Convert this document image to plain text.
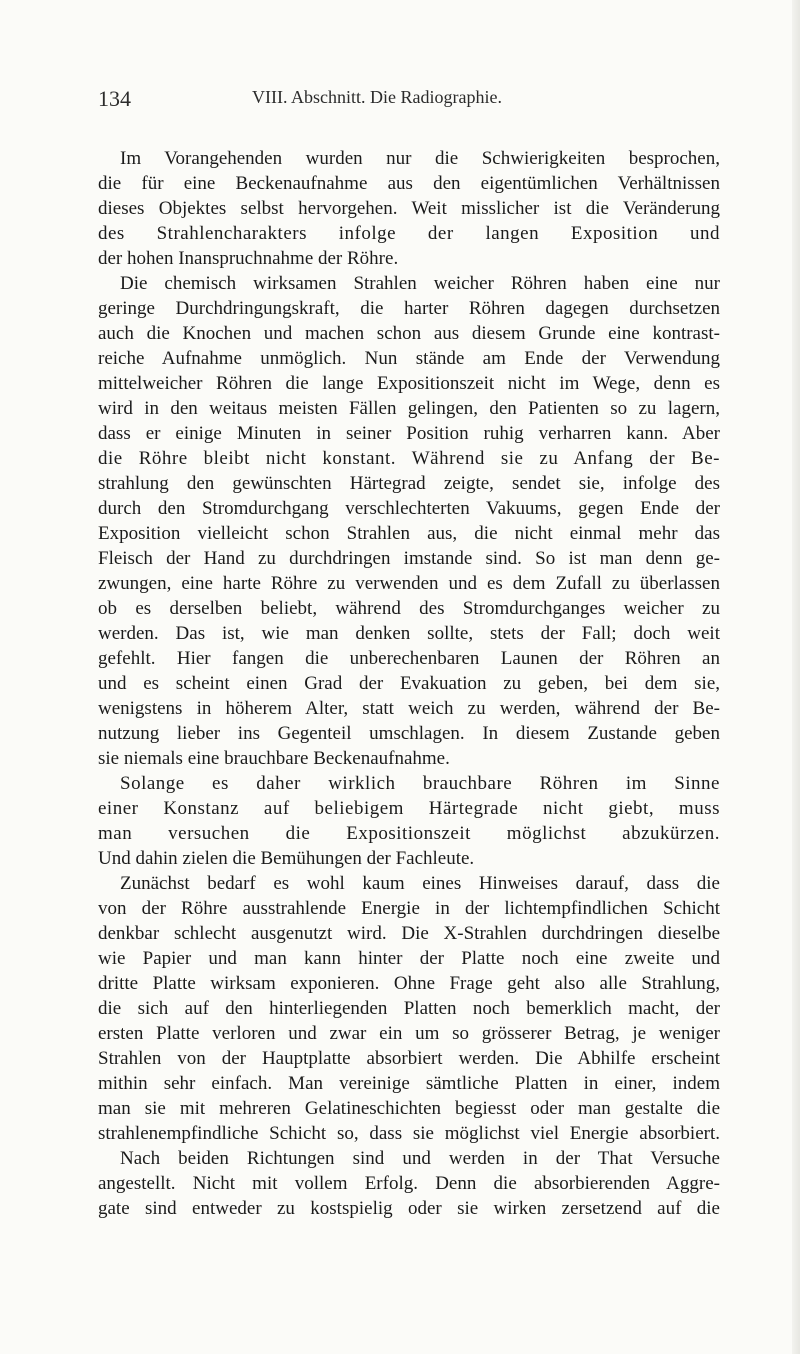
134	VIII. Abschnitt. Die Radiographie.
Im Vorangehenden wurden nur die Schwierigkeiten besprochen,
die für eine Beckenaufnahme aus den eigentümlichen Verhältnissen
dieses Objektes selbst hervorgehen. Weit misslicher ist die Veränderung
des Strahlencharakters infolge der langen Exposition und
der hohen Inanspruchnahme der Röhre.
Die chemisch wirksamen Strahlen weicher Röhren haben eine nur
geringe Durchdringungskraft, die harter Röhren dagegen durchsetzen
auch die Knochen und machen schon aus diesem Grunde eine kontrast-
reiche Aufnahme unmöglich. Nun stände am Ende der Verwendung
mittelweicher Röhren die lange Expositionszeit nicht im Wege, denn es
wird in den weitaus meisten Fällen gelingen, den Patienten so zu lagern,
dass er einige Minuten in seiner Position ruhig verharren kann. Aber
die Röhre bleibt nicht konstant. Während sie zu Anfang der Be-
strahlung den gewünschten Härtegrad zeigte, sendet sie, infolge des
durch den Stromdurchgang verschlechterten Vakuums, gegen Ende der
Exposition vielleicht schon Strahlen aus, die nicht einmal mehr das
Fleisch der Hand zu durchdringen imstande sind. So ist man denn ge-
zwungen, eine harte Röhre zu verwenden und es dem Zufall zu überlassen
ob es derselben beliebt, während des Stromdurchganges weicher zu
werden. Das ist, wie man denken sollte, stets der Fall; doch weit
gefehlt. Hier fangen die unberechenbaren Launen der Röhren an
und es scheint einen Grad der Evakuation zu geben, bei dem sie,
wenigstens in höherem Alter, statt weich zu werden, während der Be-
nutzung lieber ins Gegenteil umschlagen. In diesem Zustande geben
sie niemals eine brauchbare Beckenaufnahme.
Solange es daher wirklich brauchbare Röhren im Sinne
einer Konstanz auf beliebigem Härtegrade nicht giebt, muss
man versuchen die Expositionszeit möglichst abzukürzen.
Und dahin zielen die Bemühungen der Fachleute.
Zunächst bedarf es wohl kaum eines Hinweises darauf, dass die
von der Röhre ausstrahlende Energie in der lichtempfindlichen Schicht
denkbar schlecht ausgenutzt wird. Die X-Strahlen durchdringen dieselbe
wie Papier und man kann hinter der Platte noch eine zweite und
dritte Platte wirksam exponieren. Ohne Frage geht also alle Strahlung,
die sich auf den hinterliegenden Platten noch bemerklich macht, der
ersten Platte verloren und zwar ein um so grösserer Betrag, je weniger
Strahlen von der Hauptplatte absorbiert werden. Die Abhilfe erscheint
mithin sehr einfach. Man vereinige sämtliche Platten in einer, indem
man sie mit mehreren Gelatineschichten begiesst oder man gestalte die
strahlenempfindliche Schicht so, dass sie möglichst viel Energie absorbiert.
Nach beiden Richtungen sind und werden in der That Versuche
angestellt. Nicht mit vollem Erfolg. Denn die absorbierenden Aggre-
gate sind entweder zu kostspielig oder sie wirken zersetzend auf die
